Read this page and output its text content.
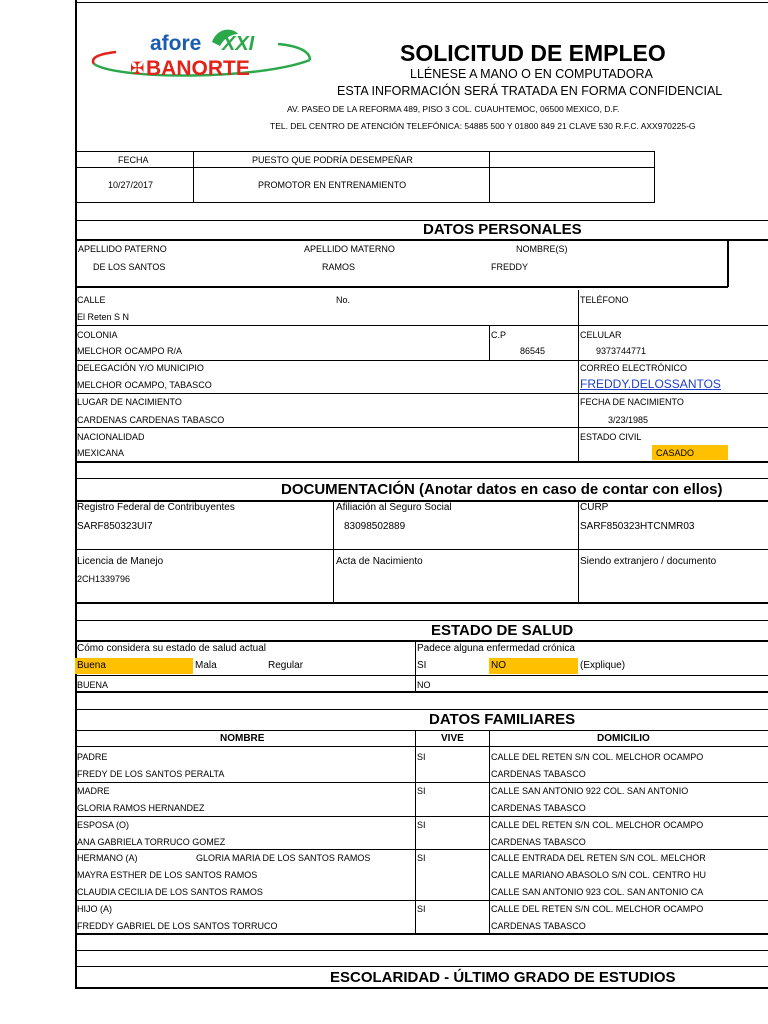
afore XXI
✠ BANORTE
SOLICITUD DE EMPLEO
LLÉNESE A MANO O EN COMPUTADORA
ESTA INFORMACIÓN SERÁ TRATADA EN FORMA CONFIDENCIAL
AV. PASEO DE LA REFORMA 489, PISO 3 COL. CUAUHTEMOC, 06500 MEXICO, D.F.
TEL. DEL CENTRO DE ATENCIÓN TELEFÓNICA: 54885 500 Y 01800 849 21 CLAVE 530 R.F.C. AXX970225-G
FECHA	PUESTO QUE PODRÍA DESEMPEÑAR
10/27/2017	PROMOTOR EN ENTRENAMIENTO
DATOS PERSONALES
APELLIDO PATERNO	APELLIDO MATERNO	NOMBRE(S)
DE LOS SANTOS	RAMOS	FREDDY
CALLE	No.	TELÉFONO
El Reten S N
COLONIA	C.P	CELULAR
MELCHOR OCAMPO R/A	86545	9373744771
DELEGACIÓN Y/O MUNICIPIO	CORREO ELECTRÓNICO
MELCHOR OCAMPO, TABASCO	FREDDY.DELOSSANTOS
LUGAR DE NACIMIENTO	FECHA DE NACIMIENTO
CARDENAS CARDENAS TABASCO	3/23/1985
NACIONALIDAD	ESTADO CIVIL
MEXICANA	CASADO
DOCUMENTACIÓN (Anotar datos en caso de contar con ellos)
Registro Federal de Contribuyentes	Afiliación al Seguro Social	CURP
SARF850323UI7	83098502889	SARF850323HTCNMR03
Licencia de Manejo	Acta de Nacimiento	Siendo extranjero / documento
2CH1339796
ESTADO DE SALUD
Cómo considera su estado de salud actual	Padece alguna enfermedad crónica
Buena	Mala	Regular	SI	NO	(Explique)
BUENA	NO
DATOS FAMILIARES
NOMBRE	VIVE	DOMICILIO
PADRE
FREDY DE LOS SANTOS PERALTA
SI	CALLE DEL RETEN S/N COL. MELCHOR OCAMPO
CARDENAS TABASCO
MADRE
GLORIA RAMOS HERNANDEZ
SI	CALLE SAN ANTONIO 922 COL. SAN ANTONIO
CARDENAS TABASCO
ESPOSA (O)
ANA GABRIELA TORRUCO GOMEZ
SI	CALLE DEL RETEN S/N COL. MELCHOR OCAMPO
CARDENAS TABASCO
HERMANO (A)	GLORIA MARIA DE LOS SANTOS RAMOS
MAYRA ESTHER DE LOS SANTOS RAMOS
CLAUDIA CECILIA DE LOS SANTOS RAMOS
SI	CALLE ENTRADA DEL RETEN S/N COL. MELCHOR
CALLE MARIANO ABASOLO S/N COL. CENTRO HU
CALLE SAN ANTONIO 923 COL. SAN ANTONIO CA
HIJO (A)
FREDDY GABRIEL DE LOS SANTOS TORRUCO
SI	CALLE DEL RETEN S/N COL. MELCHOR OCAMPO
CARDENAS TABASCO
ESCOLARIDAD - ÚLTIMO GRADO DE ESTUDIOS
